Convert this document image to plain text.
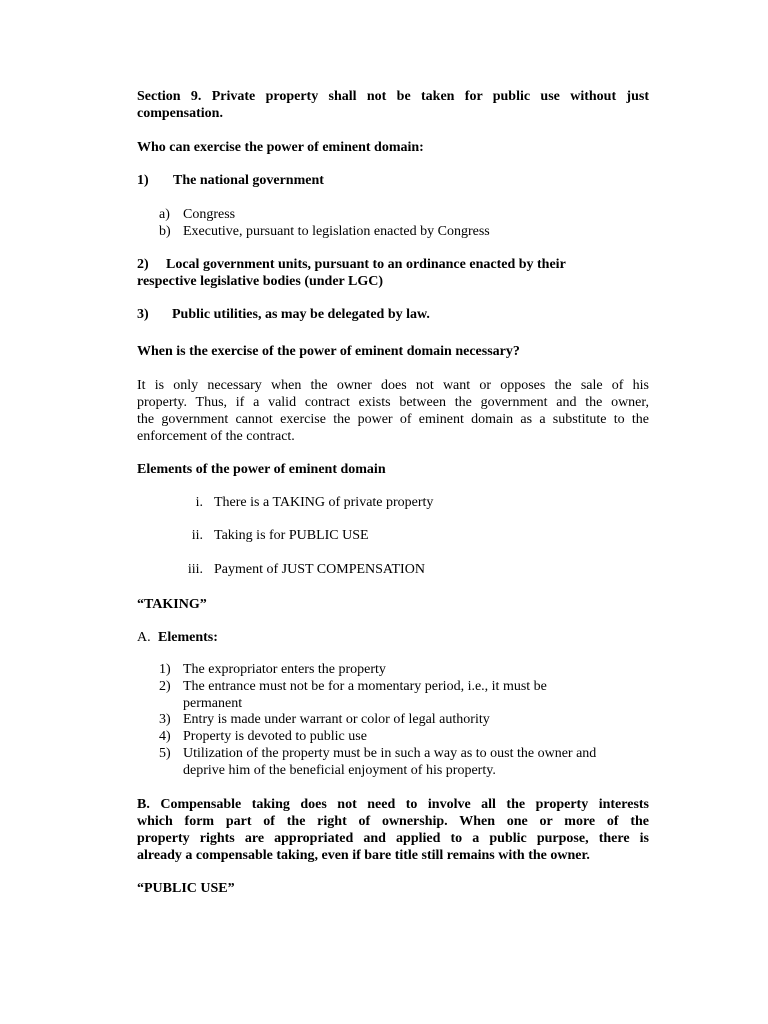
Section 9. Private property shall not be taken for public use without just
compensation.
Who can exercise the power of eminent domain:
1) The national government
a) Congress
b) Executive, pursuant to legislation enacted by Congress
2)	Local government units, pursuant to an ordinance enacted by their
respective legislative bodies (under LGC)
3) Public utilities, as may be delegated by law.
When is the exercise of the power of eminent domain necessary?
It is only necessary when the owner does not want or opposes the sale of his
property. Thus, if a valid contract exists between the government and the owner,
the government cannot exercise the power of eminent domain as a substitute to the
enforcement of the contract.
Elements of the power of eminent domain
i. There is a TAKING of private property
ii. Taking is for PUBLIC USE
iii. Payment of JUST COMPENSATION
“TAKING”
A. Elements:
1) The expropriator enters the property
2) The entrance must not be for a momentary period, i.e., it must be
permanent
3) Entry is made under warrant or color of legal authority
4) Property is devoted to public use
5) Utilization of the property must be in such a way as to oust the owner and
deprive him of the beneficial enjoyment of his property.
B. Compensable taking does not need to involve all the property interests
which form part of the right of ownership. When one or more of the
property rights are appropriated and applied to a public purpose, there is
already a compensable taking, even if bare title still remains with the owner.
“PUBLIC USE”
